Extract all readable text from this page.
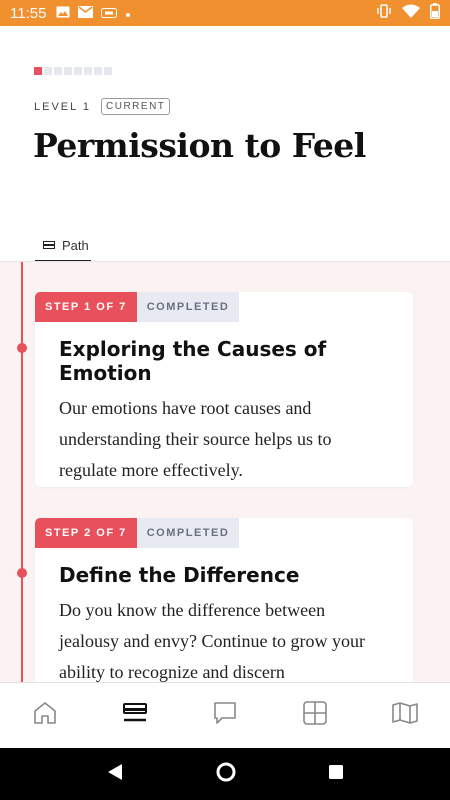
11:55
LEVEL 1	CURRENT
Permission to Feel
Path
STEP 1 OF 7	COMPLETED
Exploring the Causes of Emotion
Our emotions have root causes and understanding their source helps us to regulate more effectively.
STEP 2 OF 7	COMPLETED
Define the Difference
Do you know the difference between jealousy and envy? Continue to grow your ability to recognize and discern
